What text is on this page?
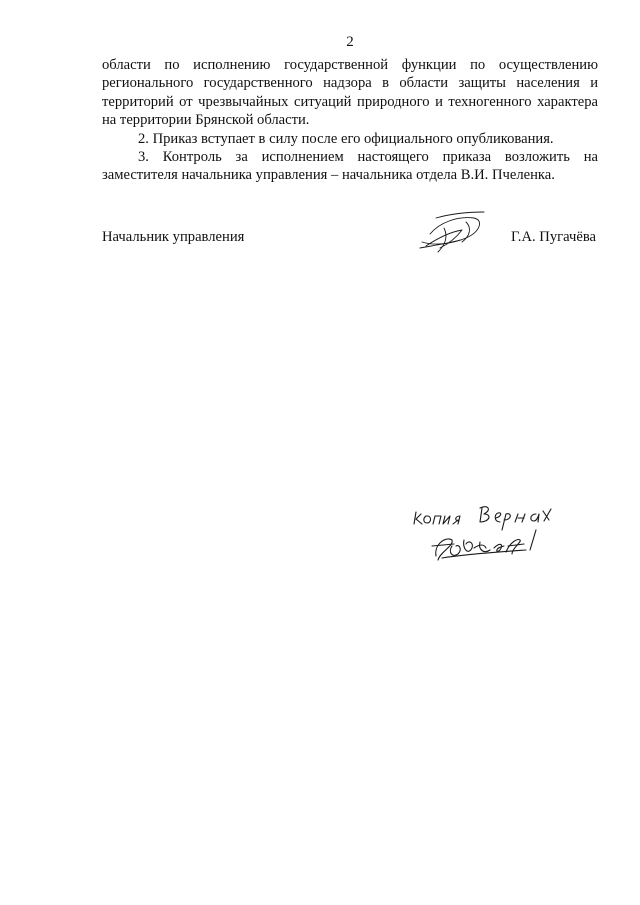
2

области по исполнению государственной функции по осуществлению регионального государственного надзора в области защиты населения и территорий от чрезвычайных ситуаций природного и техногенного характера на территории Брянской области.

2. Приказ вступает в силу после его официального опубликования.

3. Контроль за исполнением настоящего приказа возложить на заместителя начальника управления – начальника отдела В.И. Пчеленка.

Начальник управления	Г.А. Пугачёва
